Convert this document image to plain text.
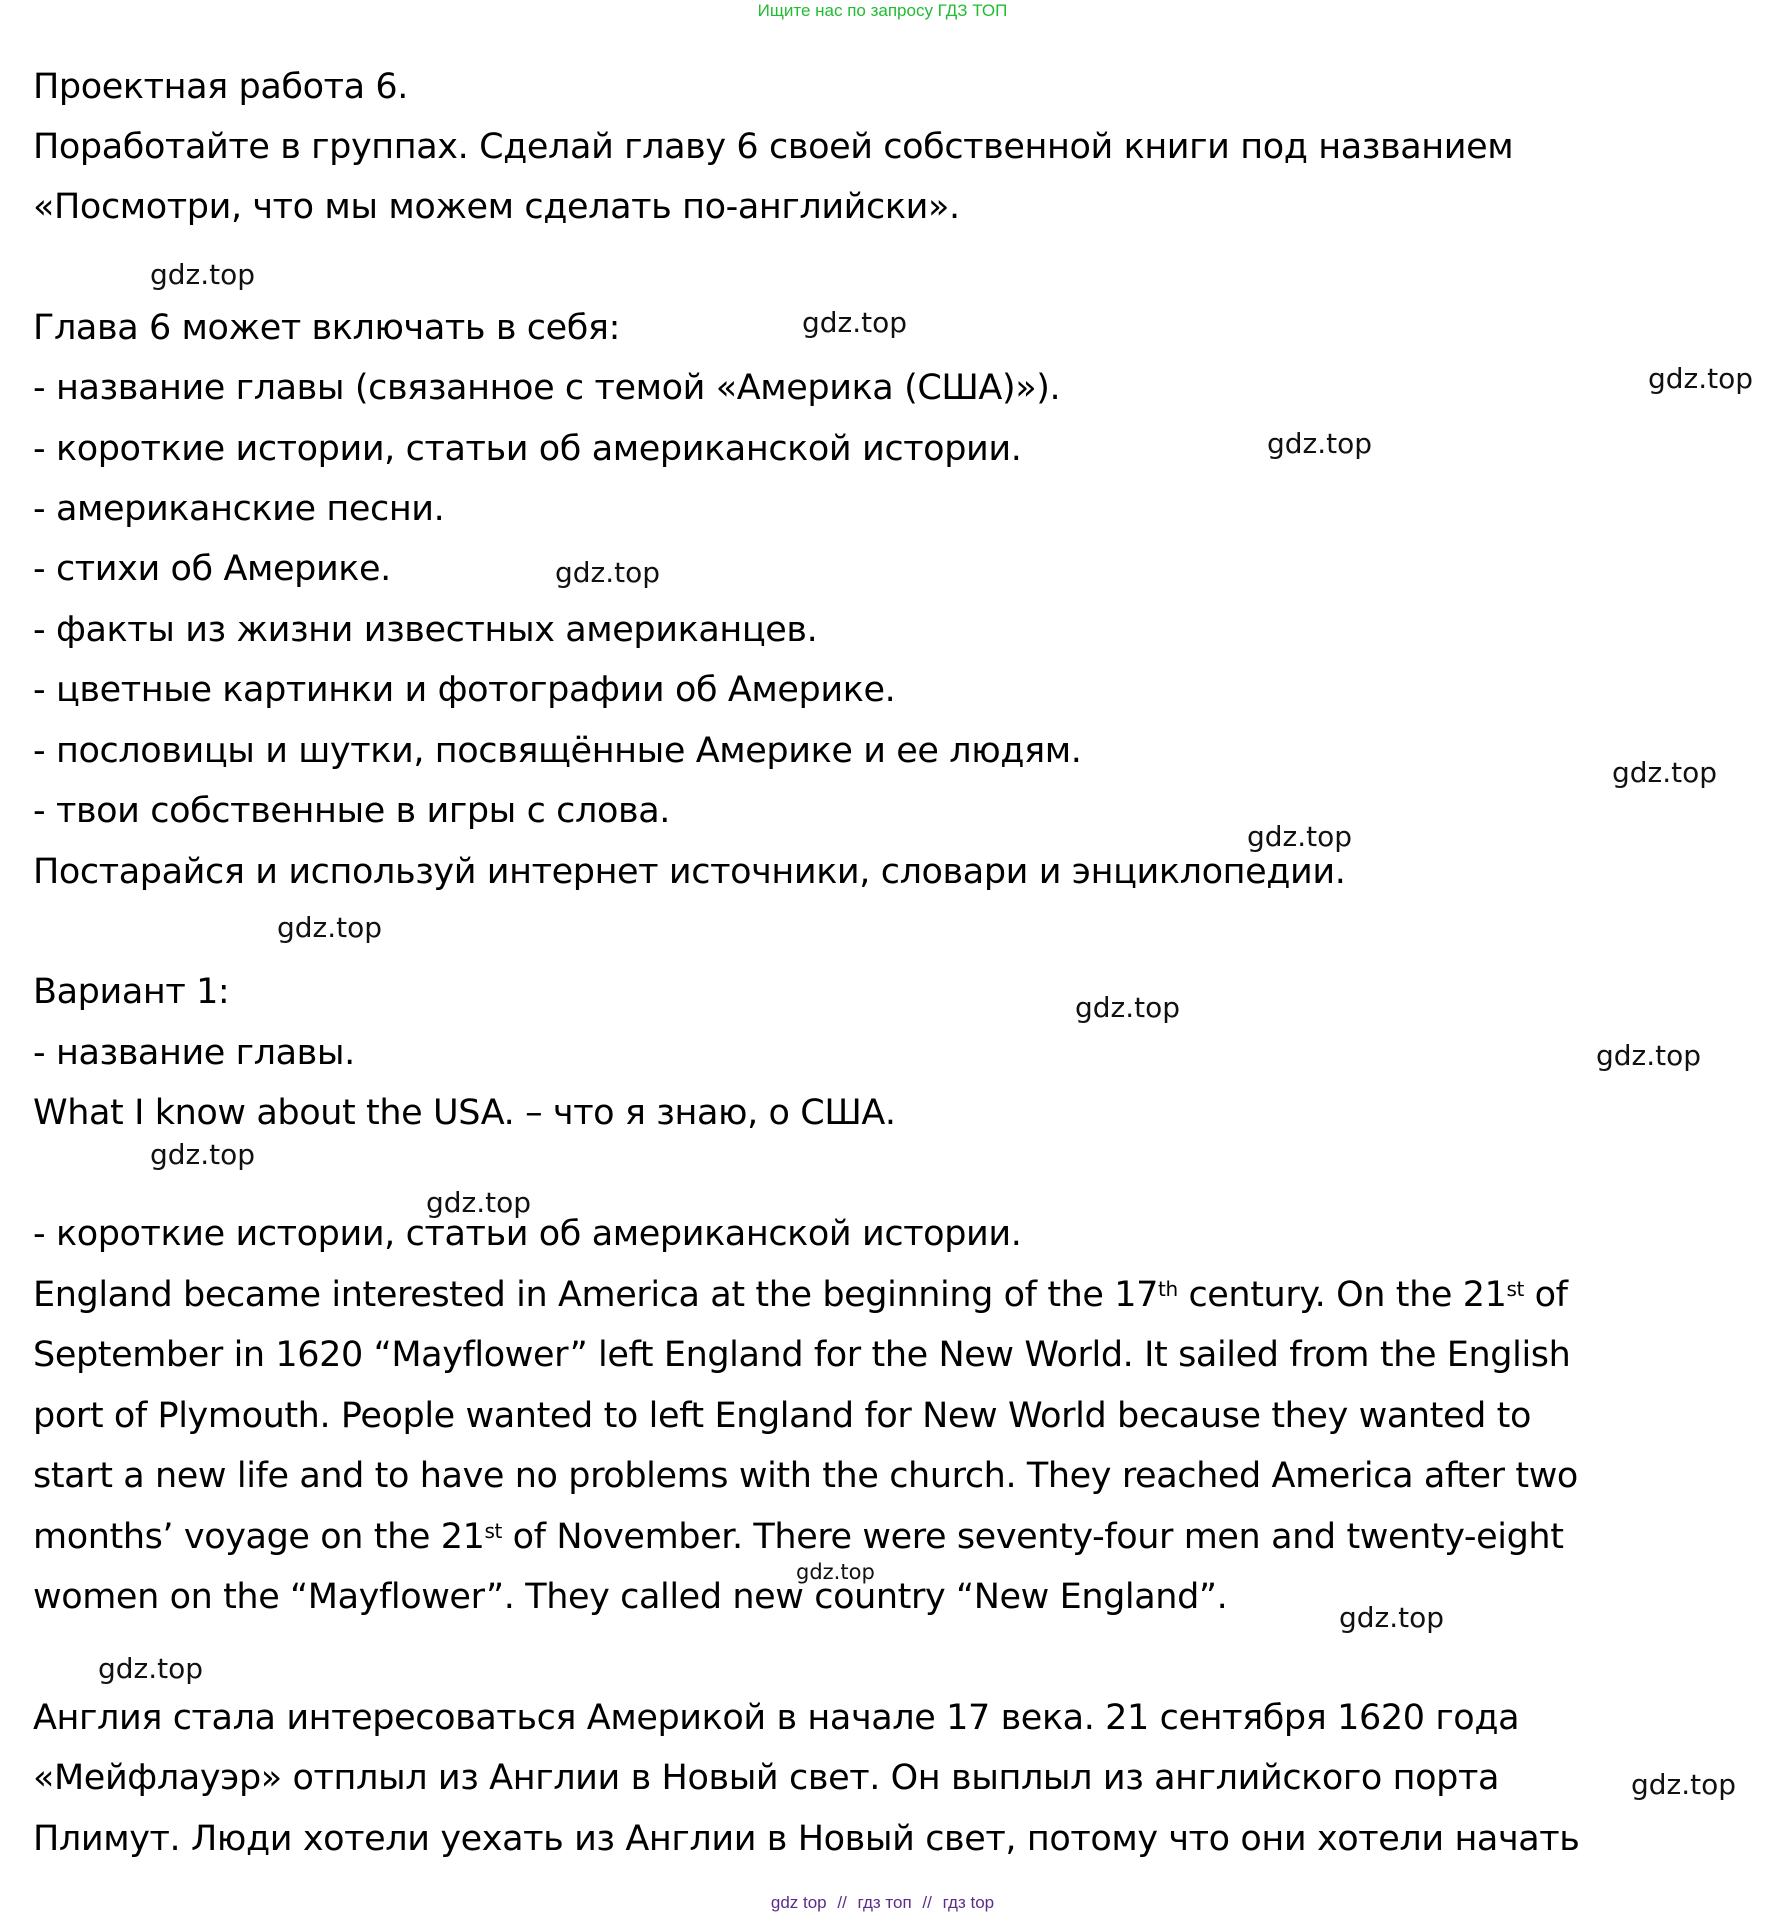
Ищите нас по запросу ГДЗ ТОП
Проектная работа 6.
Поработайте в группах. Сделай главу 6 своей собственной книги под названием
«Посмотри, что мы можем сделать по-английски».
Глава 6 может включать в себя:
- название главы (связанное с темой «Америка (США)»).
- короткие истории, статьи об американской истории.
- американские песни.
- стихи об Америке.
- факты из жизни известных американцев.
- цветные картинки и фотографии об Америке.
- пословицы и шутки, посвящённые Америке и ее людям.
- твои собственные в игры с слова.
Постарайся и используй интернет источники, словари и энциклопедии.
Вариант 1:
- название главы.
What I know about the USA. – что я знаю, о США.
- короткие истории, статьи об американской истории.
England became interested in America at the beginning of the 17th century. On the 21st of
September in 1620 “Mayflower” left England for the New World. It sailed from the English
port of Plymouth. People wanted to left England for New World because they wanted to
start a new life and to have no problems with the church. They reached America after two
months’ voyage on the 21st of November. There were seventy-four men and twenty-eight
women on the “Mayflower”. They called new country “New England”.
Англия стала интересоваться Америкой в начале 17 века. 21 сентября 1620 года
«Мейфлауэр» отплыл из Англии в Новый свет. Он выплыл из английского порта
Плимут. Люди хотели уехать из Англии в Новый свет, потому что они хотели начать
gdz.top
gdz.top
gdz.top
gdz.top
gdz.top
gdz.top
gdz.top
gdz.top
gdz.top
gdz.top
gdz.top
gdz.top
gdz.top
gdz.top
gdz.top
gdz.top
gdz top // гдз топ // гдз top
